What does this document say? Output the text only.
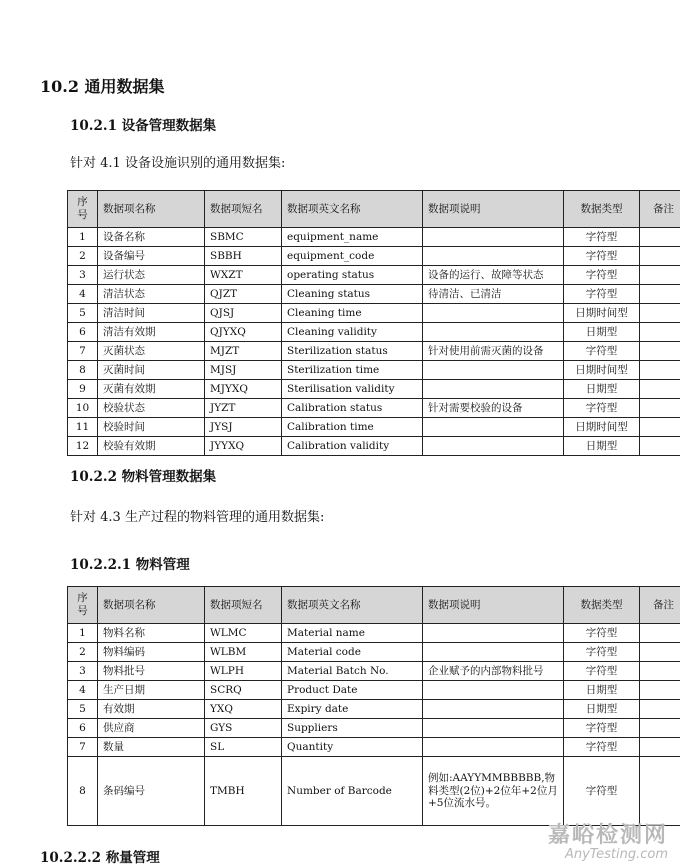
10.2 通用数据集
10.2.1 设备管理数据集
针对 4.1 设备设施识别的通用数据集:
序号	数据项名称	数据项短名	数据项英文名称	数据项说明	数据类型	备注
1	设备名称	SBMC	equipment_name		字符型	
2	设备编号	SBBH	equipment_code		字符型	
3	运行状态	WXZT	operating status	设备的运行、故障等状态	字符型	
4	清洁状态	QJZT	Cleaning status	待清洁、已清洁	字符型	
5	清洁时间	QJSJ	Cleaning time		日期时间型	
6	清洁有效期	QJYXQ	Cleaning validity		日期型	
7	灭菌状态	MJZT	Sterilization status	针对使用前需灭菌的设备	字符型	
8	灭菌时间	MJSJ	Sterilization time		日期时间型	
9	灭菌有效期	MJYXQ	Sterilisation validity		日期型	
10	校验状态	JYZT	Calibration status	针对需要校验的设备	字符型	
11	校验时间	JYSJ	Calibration time		日期时间型	
12	校验有效期	JYYXQ	Calibration validity		日期型	
10.2.2 物料管理数据集
针对 4.3 生产过程的物料管理的通用数据集:
10.2.2.1 物料管理
序号	数据项名称	数据项短名	数据项英文名称	数据项说明	数据类型	备注
1	物料名称	WLMC	Material name		字符型	
2	物料编码	WLBM	Material code		字符型	
3	物料批号	WLPH	Material Batch No.	企业赋予的内部物料批号	字符型	
4	生产日期	SCRQ	Product Date		日期型	
5	有效期	YXQ	Expiry date		日期型	
6	供应商	GYS	Suppliers		字符型	
7	数量	SL	Quantity		字符型	
8	条码编号	TMBH	Number of Barcode	例如:AAYYMMBBBBB,物料类型(2位)+2位年+2位月+5位流水号。	字符型	
10.2.2.2 称量管理
嘉峪检测网
AnyTesting.com
